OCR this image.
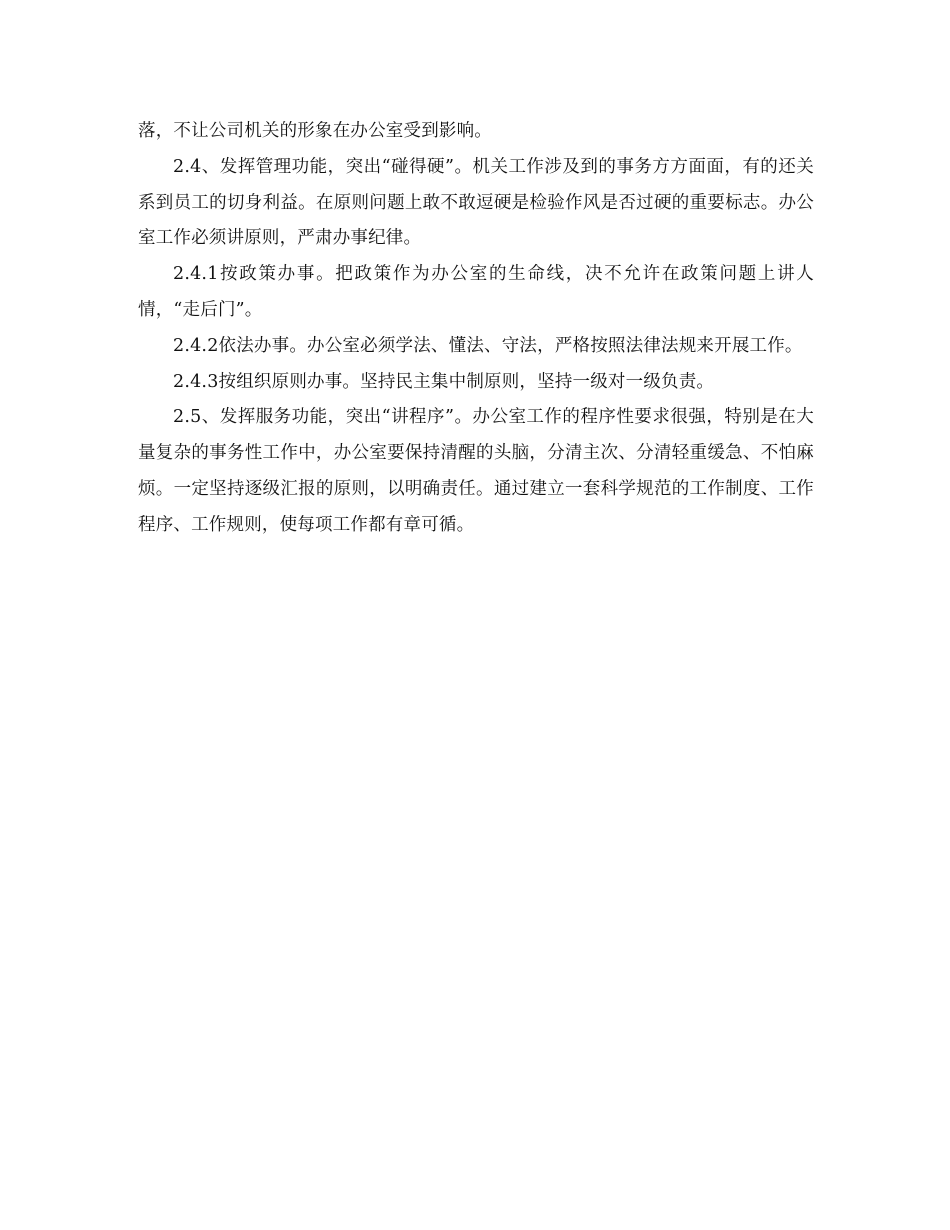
落，不让公司机关的形象在办公室受到影响。

2.4、发挥管理功能，突出“碰得硬”。机关工作涉及到的事务方方面面，有的还关系到员工的切身利益。在原则问题上敢不敢逗硬是检验作风是否过硬的重要标志。办公室工作必须讲原则，严肃办事纪律。

2.4.1按政策办事。把政策作为办公室的生命线，决不允许在政策问题上讲人情，“走后门”。

2.4.2依法办事。办公室必须学法、懂法、守法，严格按照法律法规来开展工作。

2.4.3按组织原则办事。坚持民主集中制原则，坚持一级对一级负责。

2.5、发挥服务功能，突出“讲程序”。办公室工作的程序性要求很强，特别是在大量复杂的事务性工作中，办公室要保持清醒的头脑，分清主次、分清轻重缓急、不怕麻烦。一定坚持逐级汇报的原则，以明确责任。通过建立一套科学规范的工作制度、工作程序、工作规则，使每项工作都有章可循。
